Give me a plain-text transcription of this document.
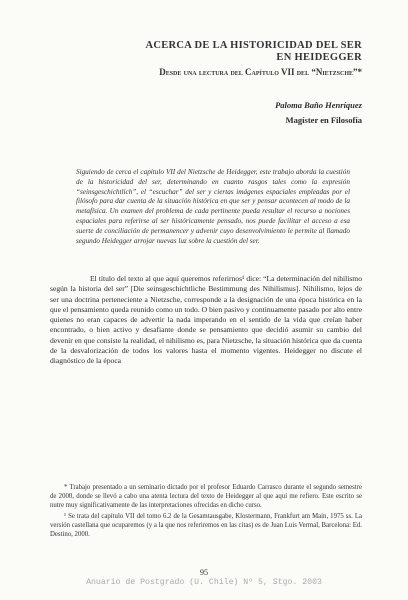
ACERCA DE LA HISTORICIDAD DEL SER
EN HEIDEGGER
Desde una lectura del Capítulo VII del “Nietzsche”*
Paloma Baño Henríquez
Magíster en Filosofía
Siguiendo de cerca el capítulo VII del Nietzsche de Heidegger, este trabajo aborda la cuestión de la historicidad del ser, determinando en cuanto rasgos tales como la expresión “seinsgeschichtlich”, el “escuchar” del ser y ciertas imágenes espaciales empleadas por el filósofo para dar cuenta de la situación histórica en que ser y pensar acontecen al modo de la metafísica. Un examen del problema de cada pertinente pueda resultar el recurso a nociones espaciales para referirse al ser históricamente pensado, nos puede facilitar el acceso a esa suerte de conciliación de permanencer y advenir cuyo desenvolvimiento le permite al llamado segundo Heidegger arrojar nuevas luz sobre la cuestión del ser.

El título del texto al que aquí queremos referirnos¹ dice: “La determinación del nihilismo según la historia del ser” [Die seinsgeschichtliche Bestimmung des Nihilismus]. Nihilismo, lejos de ser una doctrina perteneciente a Nietzsche, corresponde a la designación de una época histórica en la que el pensamiento queda reunido como un todo. O bien pasivo y continuamente pasado por alto entre quienes no eran capaces de advertir la nada imperando en el sentido de la vida que creían haber encontrado, o bien activo y desafiante donde se pensamiento que decidió asumir su cambio del devenir en que consiste la realidad, el nihilismo es, para Nietzsche, la situación histórica que da cuenta de la desvalorización de todos los valores hasta el momento vigentes. Heidegger no discute el diagnóstico de la época

* Trabajo presentado a un seminario dictado por el profesor Eduardo Carrasco durante el segundo semestre de 2000, donde se llevó a cabo una atenta lectura del texto de Heidegger al que aquí me refiero. Este escrito se nutre muy significativamente de las interpretaciones ofrecidas en dicho curso.

¹ Se trata del capítulo VII del tomo 6.2 de la Gesamtausgabe, Klostermann, Frankfurt am Main, 1975 ss. La versión castellana que ocuparemos (y a la que nos referiremos en las citas) es de Juan Luis Vermal, Barcelona: Ed. Destino, 2000.

95
Anuario de Postgrado (U. Chile) Nº 5, Stgo. 2003
